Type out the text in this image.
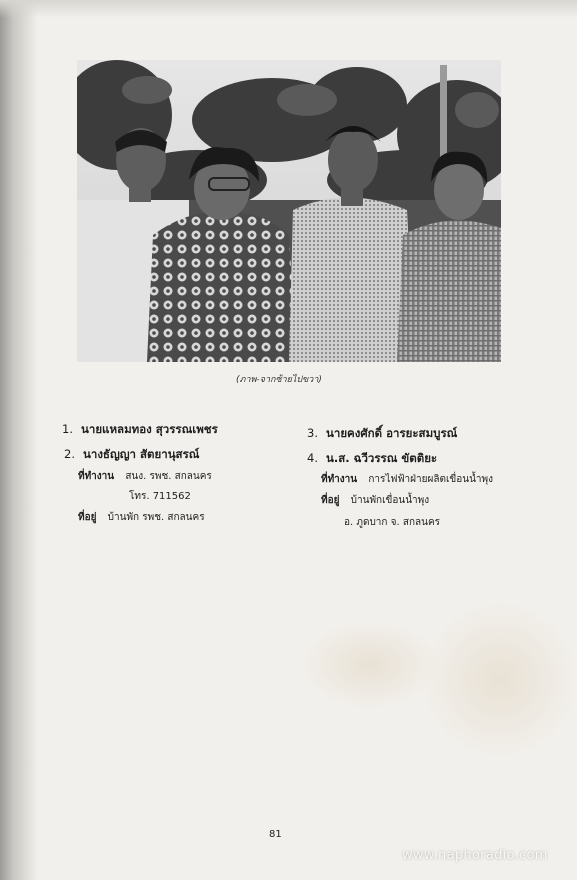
(ภาพ-จากซ้ายไปขวา)
1. นายแหลมทอง สุวรรณเพชร
2. นางธัญญา สัตยานุสรณ์
ที่ทำงาน สนง. รพช. สกลนคร
โทร. 711562
ที่อยู่ บ้านพัก รพช. สกลนคร
3. นายคงศักดิ์ อารยะสมบูรณ์
4. น.ส. ฉวีวรรณ ขัตติยะ
ที่ทำงาน การไฟฟ้าฝ่ายผลิตเขื่อนน้ำพุง
ที่อยู่ บ้านพักเขื่อนน้ำพุง
อ. ภูดบาก จ. สกลนคร
81
www.naphoradio.com
